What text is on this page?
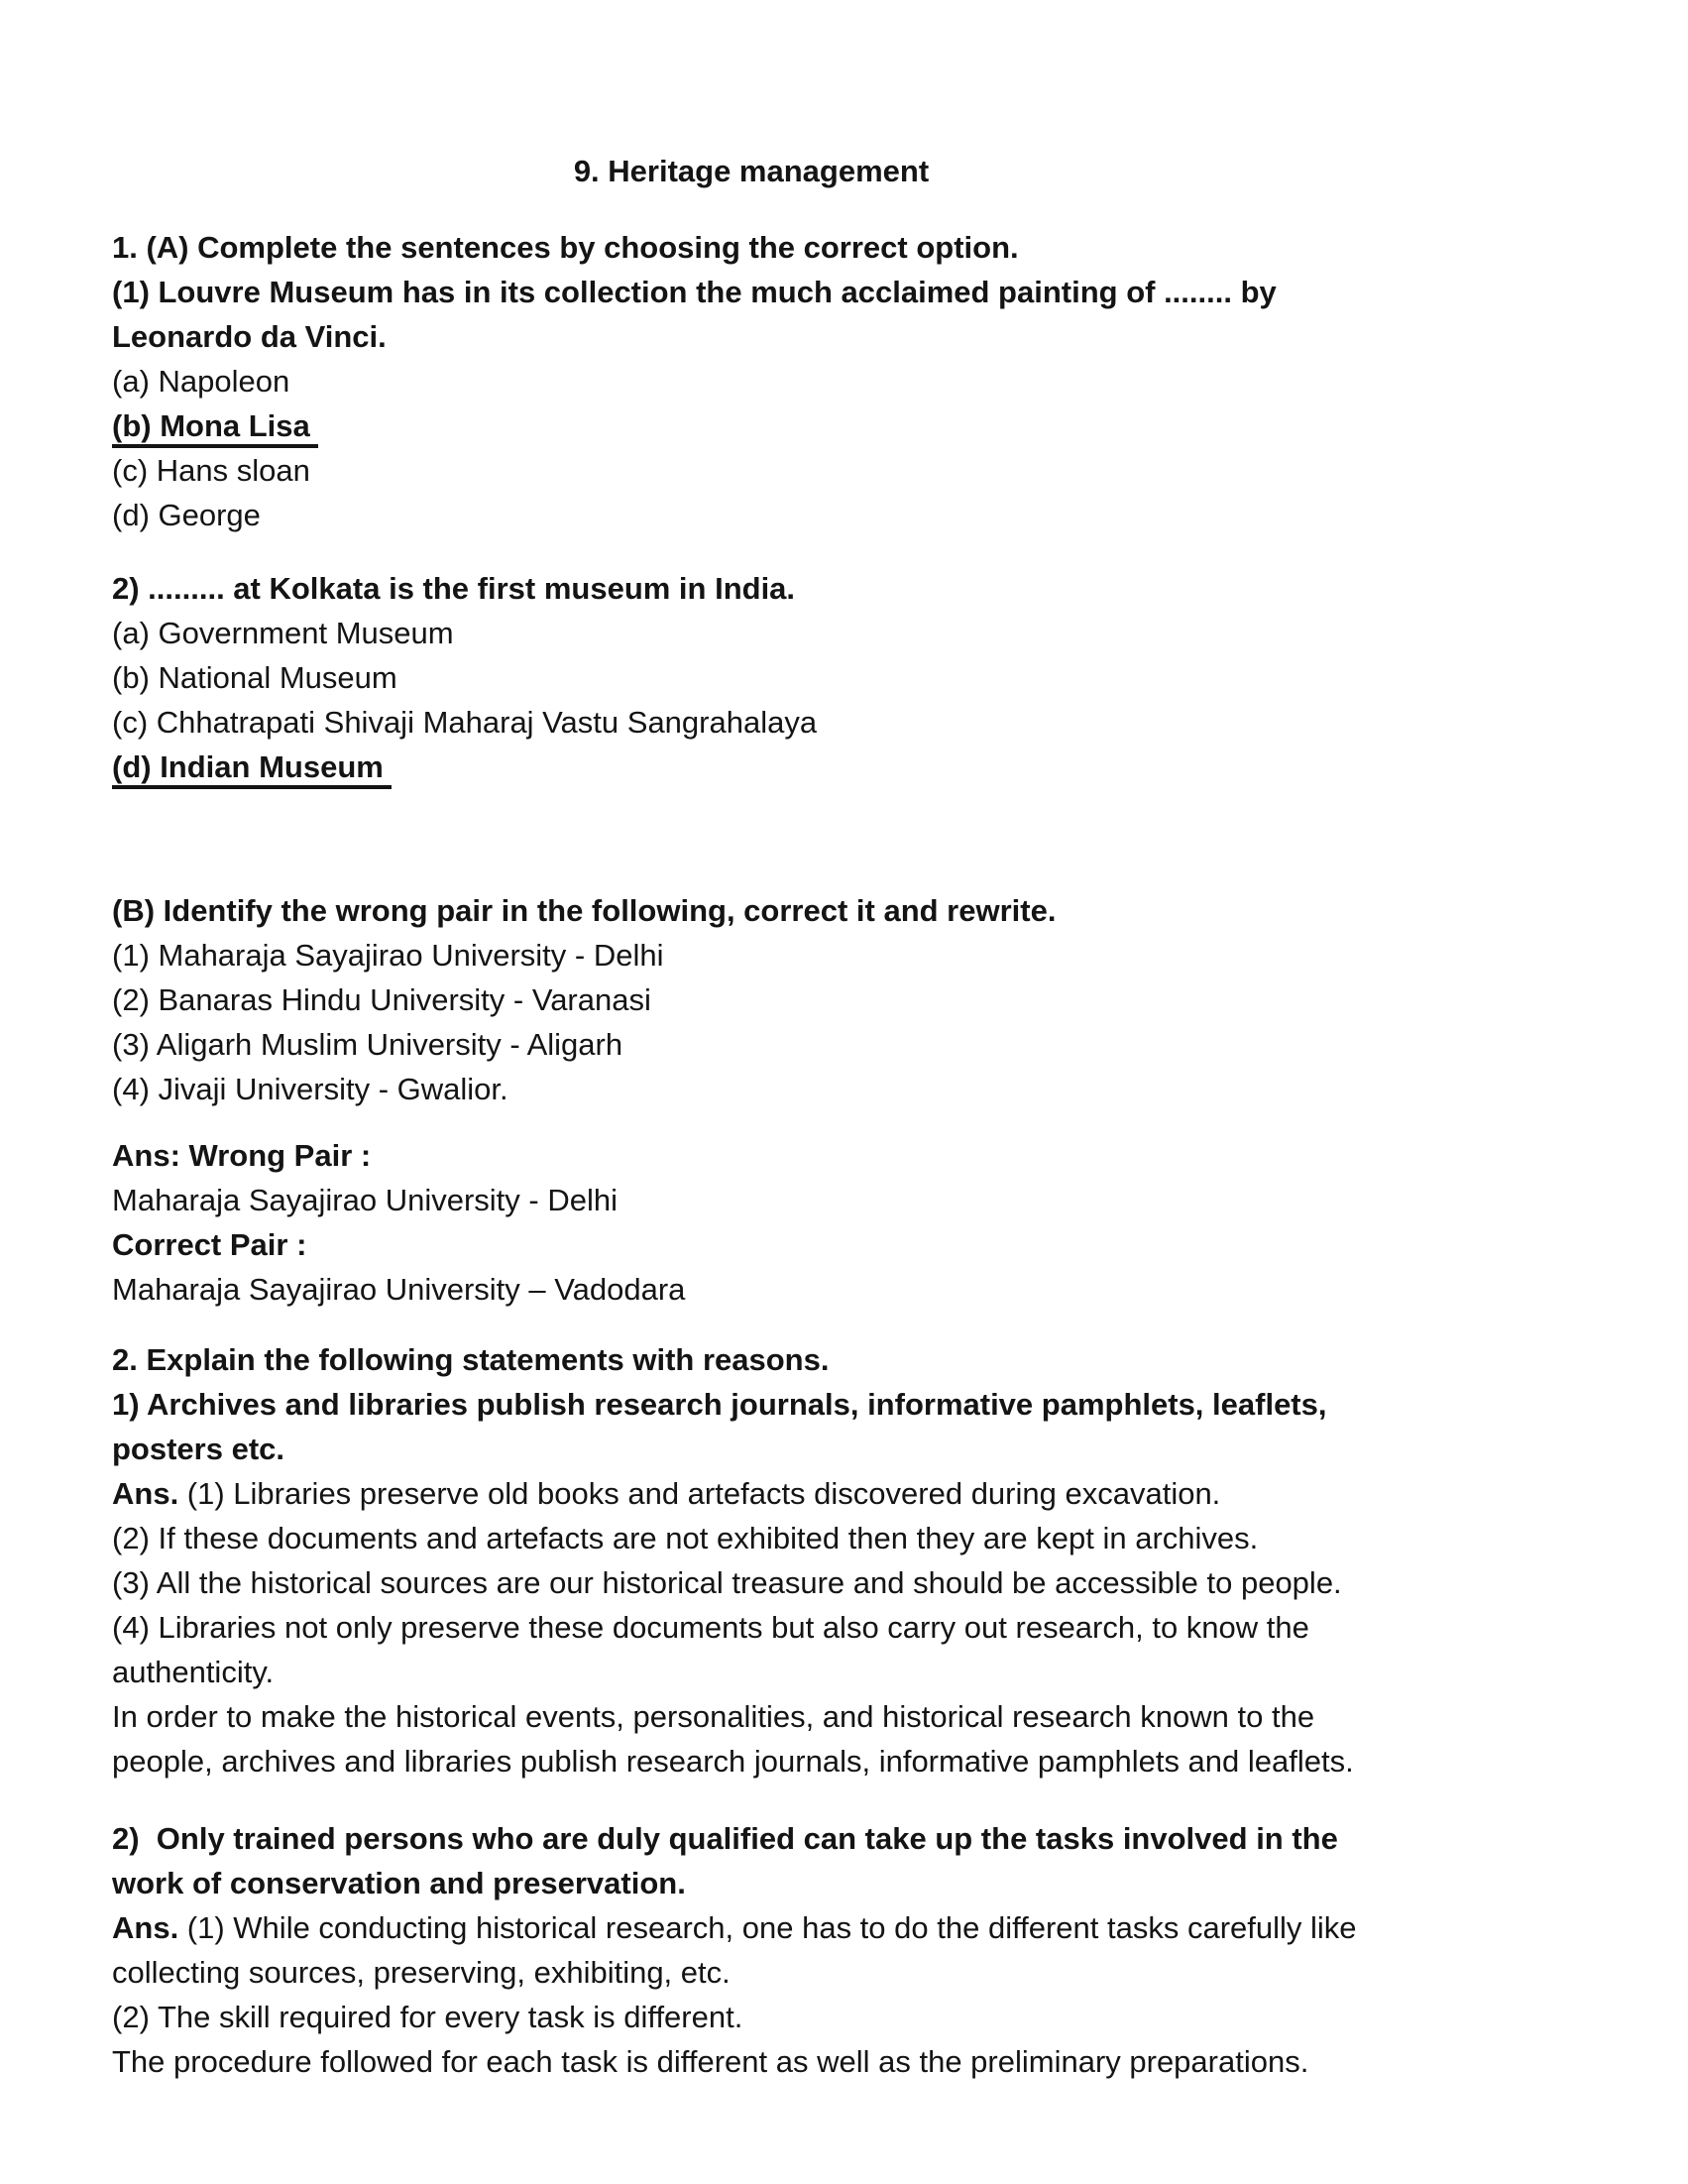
9. Heritage management
1. (A) Complete the sentences by choosing the correct option.
(1) Louvre Museum has in its collection the much acclaimed painting of ........ by
Leonardo da Vinci.
(a) Napoleon
(b) Mona Lisa
(c) Hans sloan
(d) George
2) ......... at Kolkata is the first museum in India.
(a) Government Museum
(b) National Museum
(c) Chhatrapati Shivaji Maharaj Vastu Sangrahalaya
(d) Indian Museum
(B) Identify the wrong pair in the following, correct it and rewrite.
(1) Maharaja Sayajirao University - Delhi
(2) Banaras Hindu University - Varanasi
(3) Aligarh Muslim University - Aligarh
(4) Jivaji University - Gwalior.
Ans: Wrong Pair :
Maharaja Sayajirao University - Delhi
Correct Pair :
Maharaja Sayajirao University – Vadodara
2. Explain the following statements with reasons.
1) Archives and libraries publish research journals, informative pamphlets, leaflets,
posters etc.
Ans. (1) Libraries preserve old books and artefacts discovered during excavation.
(2) If these documents and artefacts are not exhibited then they are kept in archives.
(3) All the historical sources are our historical treasure and should be accessible to people.
(4) Libraries not only preserve these documents but also carry out research, to know the
authenticity.
In order to make the historical events, personalities, and historical research known to the
people, archives and libraries publish research journals, informative pamphlets and leaflets.
2)  Only trained persons who are duly qualified can take up the tasks involved in the
work of conservation and preservation.
Ans. (1) While conducting historical research, one has to do the different tasks carefully like
collecting sources, preserving, exhibiting, etc.
(2) The skill required for every task is different.
The procedure followed for each task is different as well as the preliminary preparations.
